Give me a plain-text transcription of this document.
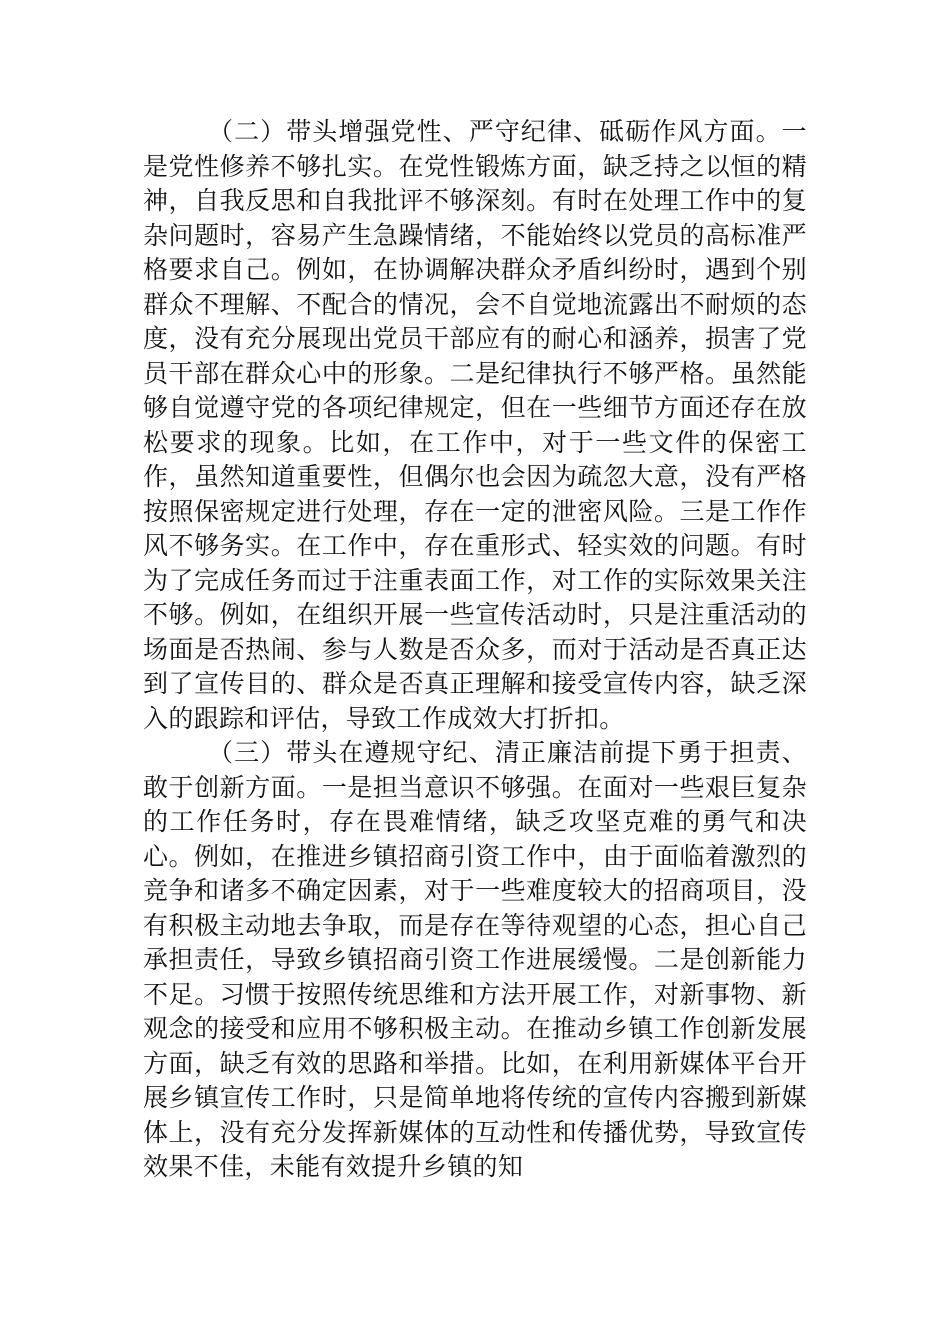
（二）带头增强党性、严守纪律、砥砺作风方面。一是党性修养不够扎实。在党性锻炼方面，缺乏持之以恒的精神，自我反思和自我批评不够深刻。有时在处理工作中的复杂问题时，容易产生急躁情绪，不能始终以党员的高标准严格要求自己。例如，在协调解决群众矛盾纠纷时，遇到个别群众不理解、不配合的情况，会不自觉地流露出不耐烦的态度，没有充分展现出党员干部应有的耐心和涵养，损害了党员干部在群众心中的形象。二是纪律执行不够严格。虽然能够自觉遵守党的各项纪律规定，但在一些细节方面还存在放松要求的现象。比如，在工作中，对于一些文件的保密工作，虽然知道重要性，但偶尔也会因为疏忽大意，没有严格按照保密规定进行处理，存在一定的泄密风险。三是工作作风不够务实。在工作中，存在重形式、轻实效的问题。有时为了完成任务而过于注重表面工作，对工作的实际效果关注不够。例如，在组织开展一些宣传活动时，只是注重活动的场面是否热闹、参与人数是否众多，而对于活动是否真正达到了宣传目的、群众是否真正理解和接受宣传内容，缺乏深入的跟踪和评估，导致工作成效大打折扣。

（三）带头在遵规守纪、清正廉洁前提下勇于担责、敢于创新方面。一是担当意识不够强。在面对一些艰巨复杂的工作任务时，存在畏难情绪，缺乏攻坚克难的勇气和决心。例如，在推进乡镇招商引资工作中，由于面临着激烈的竞争和诸多不确定因素，对于一些难度较大的招商项目，没有积极主动地去争取，而是存在等待观望的心态，担心自己承担责任，导致乡镇招商引资工作进展缓慢。二是创新能力不足。习惯于按照传统思维和方法开展工作，对新事物、新观念的接受和应用不够积极主动。在推动乡镇工作创新发展方面，缺乏有效的思路和举措。比如，在利用新媒体平台开展乡镇宣传工作时，只是简单地将传统的宣传内容搬到新媒体上，没有充分发挥新媒体的互动性和传播优势，导致宣传效果不佳，未能有效提升乡镇的知
